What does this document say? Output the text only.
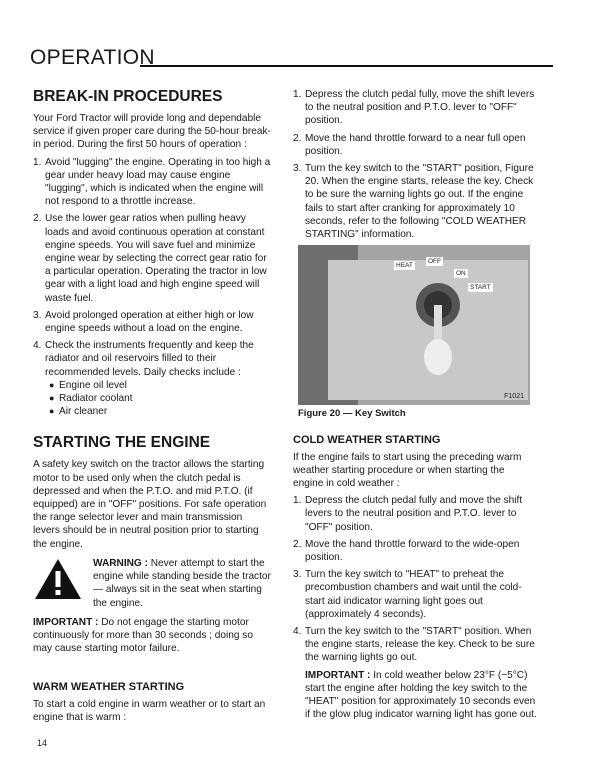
OPERATION
BREAK-IN PROCEDURES

Your Ford Tractor will provide long and dependable service if given proper care during the 50-hour break-in period. During the first 50 hours of operation :

1. Avoid "lugging" the engine. Operating in too high a gear under heavy load may cause engine "lugging", which is indicated when the engine will not respond to a throttle increase.
2. Use the lower gear ratios when pulling heavy loads and avoid continuous operation at constant engine speeds. You will save fuel and minimize engine wear by selecting the correct gear ratio for a particular operation. Operating the tractor in low gear with a light load and high engine speed will waste fuel.
3. Avoid prolonged operation at either high or low engine speeds without a load on the engine.
4. Check the instruments frequently and keep the radiator and oil reservoirs filled to their recommended levels. Daily checks include :
● Engine oil level
● Radiator coolant
● Air cleaner
STARTING THE ENGINE

A safety key switch on the tractor allows the starting motor to be used only when the clutch pedal is depressed and when the P.T.O. and mid P.T.O. (if equipped) are in "OFF" positions. For safe operation the range selector lever and main transmission levers should be in neutral position prior to starting the engine.

WARNING : Never attempt to start the engine while standing beside the tractor — always sit in the seat when starting the engine.

IMPORTANT : Do not engage the starting motor continuously for more than 30 seconds ; doing so may cause starting motor failure.

WARM WEATHER STARTING

To start a cold engine in warm weather or to start an engine that is warm :

1. Depress the clutch pedal fully, move the shift levers to the neutral position and P.T.O. lever to "OFF" position.
2. Move the hand throttle forward to a near full open position.
3. Turn the key switch to the "START" position, Figure 20. When the engine starts, release the key. Check to be sure the warning lights go out. If the engine fails to start after cranking for approximately 10 seconds, refer to the following "COLD WEATHER STARTING" information.
HEAT
OFF
ON
START
F1021
Figure 20 — Key Switch
COLD WEATHER STARTING

If the engine fails to start using the preceding warm weather starting procedure or when starting the engine in cold weather :

1. Depress the clutch pedal fully and move the shift levers to the neutral position and P.T.O. lever to "OFF" position.
2. Move the hand throttle forward to the wide-open position.
3. Turn the key switch to "HEAT" to preheat the precombustion chambers and wait until the cold-start aid indicator warning light goes out (approximately 4 seconds).
4. Turn the key switch to the "START" position. When the engine starts, release the key. Check to be sure the warning lights go out.

IMPORTANT : In cold weather below 23°F (−5°C) start the engine after holding the key switch to the "HEAT" position for approximately 10 seconds even if the glow plug indicator warning light has gone out.

14
